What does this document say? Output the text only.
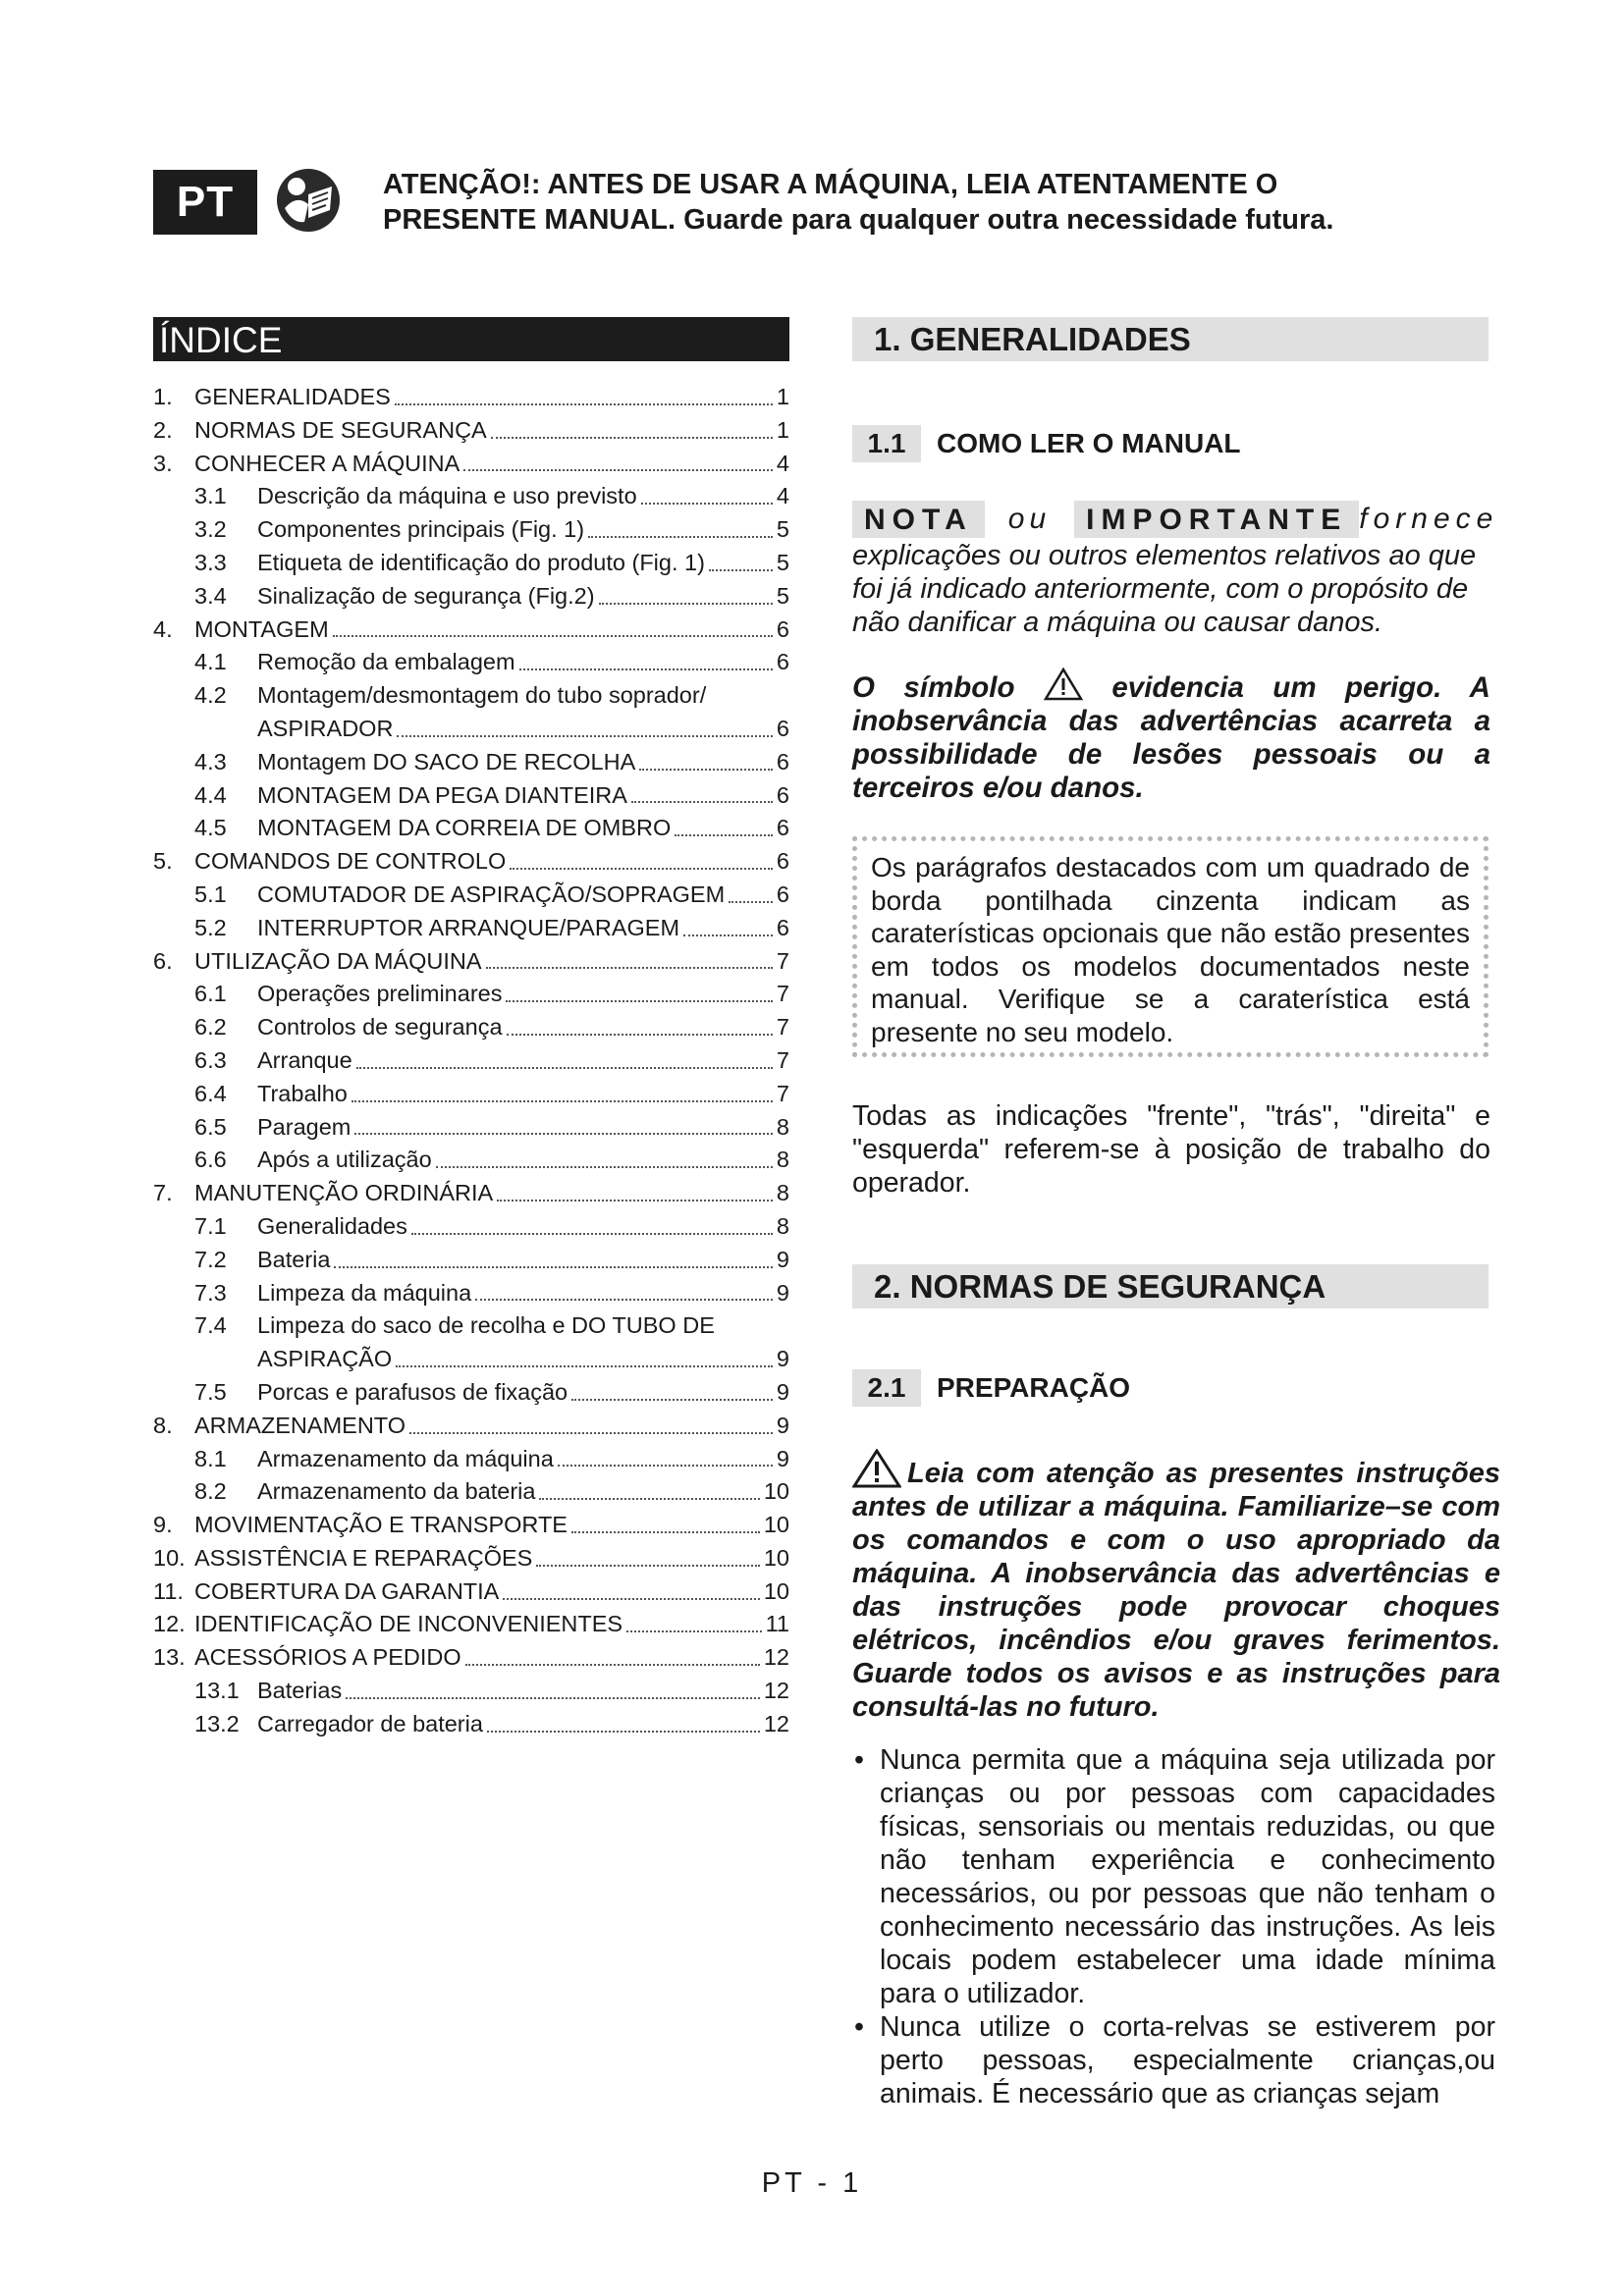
PT	ATENÇÃO!: ANTES DE USAR A MÁQUINA, LEIA ATENTAMENTE O
PRESENTE MANUAL. Guarde para qualquer outra necessidade futura.
ÍNDICE
1. GENERALIDADES	1
2. NORMAS DE SEGURANÇA	1
3. CONHECER A MÁQUINA	4
3.1	Descrição da máquina e uso previsto	4
3.2	Componentes principais (Fig. 1)	5
3.3	Etiqueta de identificação do produto (Fig. 1)	5
3.4	Sinalização de segurança (Fig.2)	5
4. MONTAGEM	6
4.1	Remoção da embalagem	6
4.2	Montagem/desmontagem do tubo soprador/
ASPIRADOR	6
4.3	Montagem DO SACO DE RECOLHA	6
4.4	MONTAGEM DA PEGA DIANTEIRA	6
4.5	MONTAGEM DA CORREIA DE OMBRO	6
5. COMANDOS DE CONTROLO	6
5.1	COMUTADOR DE ASPIRAÇÃO/SOPRAGEM 6
5.2	INTERRUPTOR ARRANQUE/PARAGEM	6
6. UTILIZAÇÃO DA MÁQUINA	7
6.1	Operações preliminares	7
6.2	Controlos de segurança	7
6.3	Arranque	7
6.4	Trabalho	7
6.5	Paragem	8
6.6	Após a utilização	8
7. MANUTENÇÃO ORDINÁRIA	8
7.1	Generalidades	8
7.2	Bateria	9
7.3	Limpeza da máquina	9
7.4	Limpeza do saco de recolha e DO TUBO DE
ASPIRAÇÃO	9
7.5	Porcas e parafusos de fixação	9
8. ARMAZENAMENTO	9
8.1	Armazenamento da máquina	9
8.2	Armazenamento da bateria	10
9. MOVIMENTAÇÃO E TRANSPORTE	10
10. ASSISTÊNCIA E REPARAÇÕES	10
11. COBERTURA DA GARANTIA	10
12. IDENTIFICAÇÃO DE INCONVENIENTES	11
13. ACESSÓRIOS A PEDIDO	12
13.1 Baterias	12
13.2 Carregador de bateria	12
1. GENERALIDADES
1.1	COMO LER O MANUAL
NOTA	ou	IMPORTANTE fornece
explicações ou outros elementos relativos ao que foi já indicado anteriormente, com o propósito de não danificar a máquina ou causar danos.
O símbolo	evidencia um perigo. A inobservância das advertências acarreta a possibilidade de lesões pessoais ou a terceiros e/ou danos.
Os parágrafos destacados com um quadrado de borda pontilhada cinzenta indicam as caraterísticas opcionais que não estão presentes em todos os modelos documentados neste manual. Verifique se a caraterística está presente no seu modelo.
Todas as indicações "frente", "trás", "direita" e "esquerda" referem-se à posição de trabalho do operador.
2. NORMAS DE SEGURANÇA
2.1	PREPARAÇÃO
Leia com atenção as presentes instruções antes de utilizar a máquina. Familiarize–se com os comandos e com o uso apropriado da máquina. A inobservância das advertências e das instruções pode provocar choques elétricos, incêndios e/ou graves ferimentos. Guarde todos os avisos e as instruções para consultá-las no futuro.
• Nunca permita que a máquina seja utilizada por crianças ou por pessoas com capacidades físicas, sensoriais ou mentais reduzidas, ou que não tenham experiência e conhecimento necessários, ou por pessoas que não tenham o conhecimento necessário das instruções. As leis locais podem estabelecer uma idade mínima para o utilizador.
• Nunca utilize o corta-relvas se estiverem por perto pessoas, especialmente crianças,ou animais. É necessário que as crianças sejam
PT - 1
